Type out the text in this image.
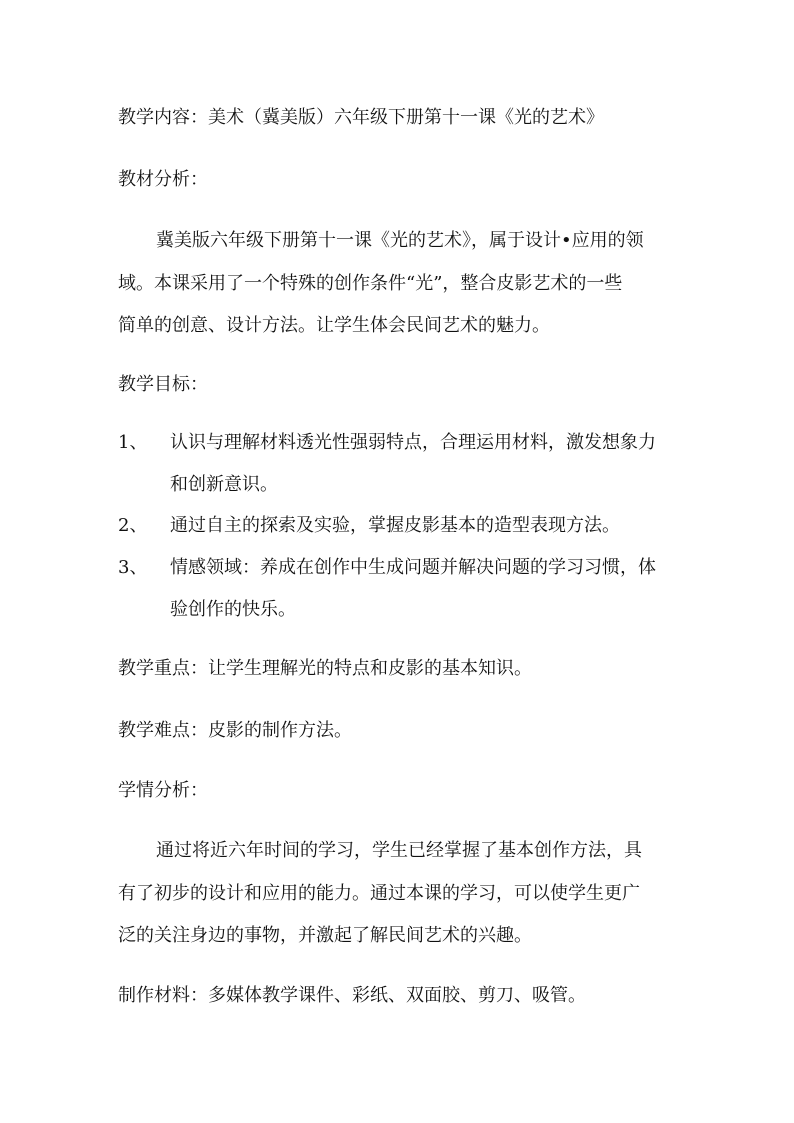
教学内容：美术（冀美版）六年级下册第十一课《光的艺术》
教材分析：
冀美版六年级下册第十一课《光的艺术》，属于设计•应用的领
域。本课采用了一个特殊的创作条件“光”，整合皮影艺术的一些
简单的创意、设计方法。让学生体会民间艺术的魅力。
教学目标：
1、 认识与理解材料透光性强弱特点，合理运用材料，激发想象力
和创新意识。
2、 通过自主的探索及实验，掌握皮影基本的造型表现方法。
3、 情感领域：养成在创作中生成问题并解决问题的学习习惯，体
验创作的快乐。
教学重点：让学生理解光的特点和皮影的基本知识。
教学难点：皮影的制作方法。
学情分析：
通过将近六年时间的学习，学生已经掌握了基本创作方法，具
有了初步的设计和应用的能力。通过本课的学习，可以使学生更广
泛的关注身边的事物，并激起了解民间艺术的兴趣。
制作材料：多媒体教学课件、彩纸、双面胶、剪刀、吸管。
